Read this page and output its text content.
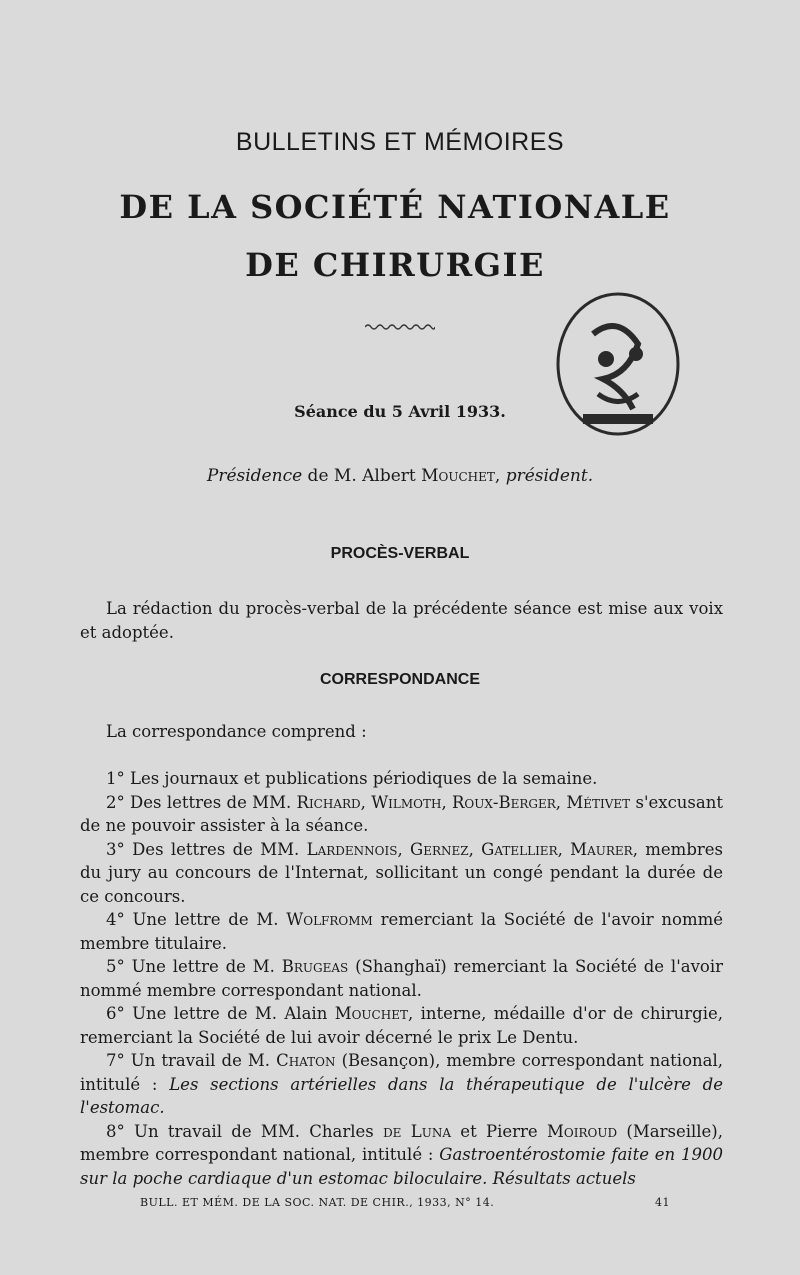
BULLETINS ET MÉMOIRES
DE LA SOCIÉTÉ NATIONALE
DE CHIRURGIE
Séance du 5 Avril 1933.
Présidence de M. Albert Mouchet, président.
PROCÈS-VERBAL
La rédaction du procès-verbal de la précédente séance est mise aux voix et adoptée.
CORRESPONDANCE
La correspondance comprend :
1° Les journaux et publications périodiques de la semaine.
2° Des lettres de MM. Richard, Wilmoth, Roux-Berger, Métivet s'excusant de ne pouvoir assister à la séance.
3° Des lettres de MM. Lardennois, Gernez, Gatellier, Maurer, membres du jury au concours de l'Internat, sollicitant un congé pendant la durée de ce concours.
4° Une lettre de M. Wolfromm remerciant la Société de l'avoir nommé membre titulaire.
5° Une lettre de M. Brugeas (Shanghaï) remerciant la Société de l'avoir nommé membre correspondant national.
6° Une lettre de M. Alain Mouchet, interne, médaille d'or de chirurgie, remerciant la Société de lui avoir décerné le prix Le Dentu.
7° Un travail de M. Chaton (Besançon), membre correspondant national, intitulé : Les sections artérielles dans la thérapeutique de l'ulcère de l'estomac.
8° Un travail de MM. Charles de Luna et Pierre Moiroud (Marseille), membre correspondant national, intitulé : Gastroentérostomie faite en 1900 sur la poche cardiaque d'un estomac biloculaire. Résultats actuels
BULL. ET MÉM. DE LA SOC. NAT. DE CHIR., 1933, N° 14.	41
